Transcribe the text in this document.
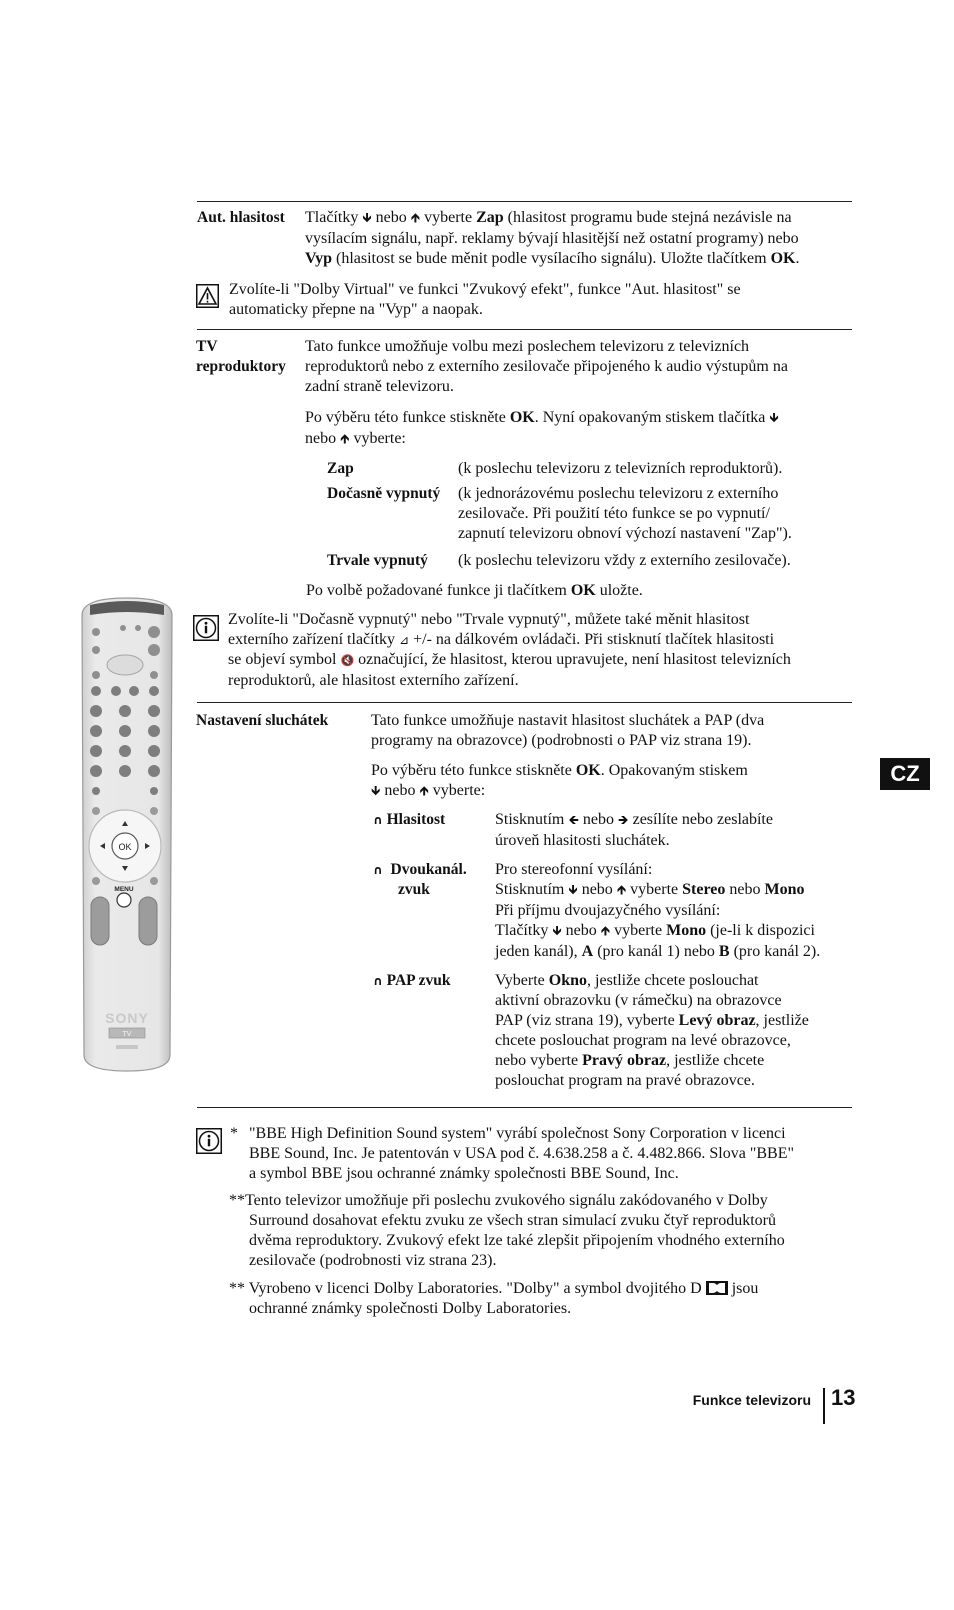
Aut. hlasitost Tlačítky 🡻 nebo 🡹 vyberte Zap (hlasitost programu bude stejná nezávisle na
vysílacím signálu, např. reklamy bývají hlasitější než ostatní programy) nebo
Vyp (hlasitost se bude měnit podle vysílacího signálu). Uložte tlačítkem OK.
Zvolíte-li "Dolby Virtual" ve funkci "Zvukový efekt", funkce "Aut. hlasitost" se
automaticky přepne na "Vyp" a naopak.
TV
reproduktory
Tato funkce umožňuje volbu mezi poslechem televizoru z televizních
reproduktorů nebo z externího zesilovače připojeného k audio výstupům na
zadní straně televizoru.
Po výběru této funkce stiskněte OK. Nyní opakovaným stiskem tlačítka 🡻
nebo 🡹 vyberte:
Zap	(k poslechu televizoru z televizních reproduktorů).
Dočasně vypnutý (k jednorázovému poslechu televizoru z externího
zesilovače. Při použití této funkce se po vypnutí/
zapnutí televizoru obnoví výchozí nastavení "Zap").
Trvale vypnutý (k poslechu televizoru vždy z externího zesilovače).
Po volbě požadované funkce ji tlačítkem OK uložte.
Zvolíte-li "Dočasně vypnutý" nebo "Trvale vypnutý", můžete také měnit hlasitost
externího zařízení tlačítky ⊿ +/- na dálkovém ovládači. Při stisknutí tlačítek hlasitosti
se objeví symbol 🔇 označující, že hlasitost, kterou upravujete, není hlasitost televizních
reproduktorů, ale hlasitost externího zařízení.
Nastavení sluchátek	Tato funkce umožňuje nastavit hlasitost sluchátek a PAP (dva
programy na obrazovce) (podrobnosti o PAP viz strana 19).
Po výběru této funkce stiskněte OK. Opakovaným stiskem
🡻 nebo 🡹 vyberte:
∩ Hlasitost	Stisknutím 🡸 nebo 🡺 zesílíte nebo zeslabíte
úroveň hlasitosti sluchátek.
∩ Dvoukanál.
zvuk
Pro stereofonní vysílání:
Stisknutím 🡻 nebo 🡹 vyberte Stereo nebo Mono
Při příjmu dvoujazyčného vysílání:
Tlačítky 🡻 nebo 🡹 vyberte Mono (je-li k dispozici
jeden kanál), A (pro kanál 1) nebo B (pro kanál 2).
∩ PAP zvuk	Vyberte Okno, jestliže chcete poslouchat
aktivní obrazovku (v rámečku) na obrazovce
PAP (viz strana 19), vyberte Levý obraz, jestliže
chcete poslouchat program na levé obrazovce,
nebo vyberte Pravý obraz, jestliže chcete
poslouchat program na pravé obrazovce.
* "BBE High Definition Sound system" vyrábí společnost Sony Corporation v licenci
BBE Sound, Inc. Je patentován v USA pod č. 4.638.258 a č. 4.482.866. Slova "BBE"
a symbol BBE jsou ochranné známky společnosti BBE Sound, Inc.
**Tento televizor umožňuje při poslechu zvukového signálu zakódovaného v Dolby
Surround dosahovat efektu zvuku ze všech stran simulací zvuku čtyř reproduktorů
dvěma reproduktory. Zvukový efekt lze také zlepšit připojením vhodného externího
zesilovače (podrobnosti viz strana 23).
** Vyrobeno v licenci Dolby Laboratories. "Dolby" a symbol dvojitého D  jsou
ochranné známky společnosti Dolby Laboratories.
CZ
Funkce televizoru 13
OK
MENU
SONY
TV
